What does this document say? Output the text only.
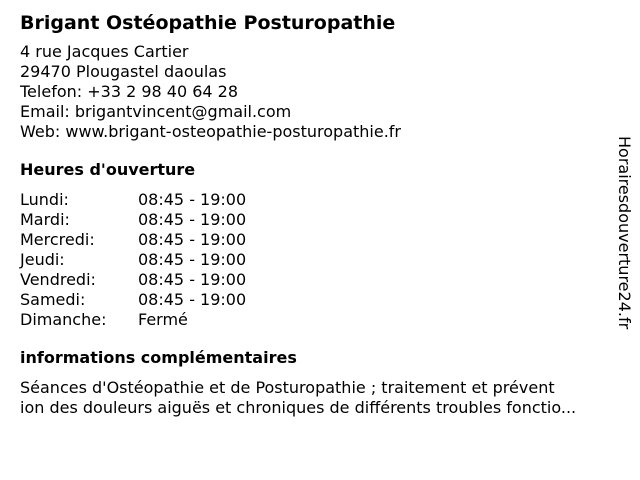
Brigant Ostéopathie Posturopathie
4 rue Jacques Cartier
29470 Plougastel daoulas
Telefon: +33 2 98 40 64 28
Email: brigantvincent@gmail.com
Web: www.brigant-osteopathie-posturopathie.fr
Heures d'ouverture
Lundi:	08:45 - 19:00
Mardi:	08:45 - 19:00
Mercredi:	08:45 - 19:00
Jeudi:	08:45 - 19:00
Vendredi:	08:45 - 19:00
Samedi:	08:45 - 19:00
Dimanche: Fermé
informations complémentaires
Séances d'Ostéopathie et de Posturopathie ; traitement et prévent
ion des douleurs aiguës et chroniques de différents troubles fonctio...
Horairesdouverture24.fr
